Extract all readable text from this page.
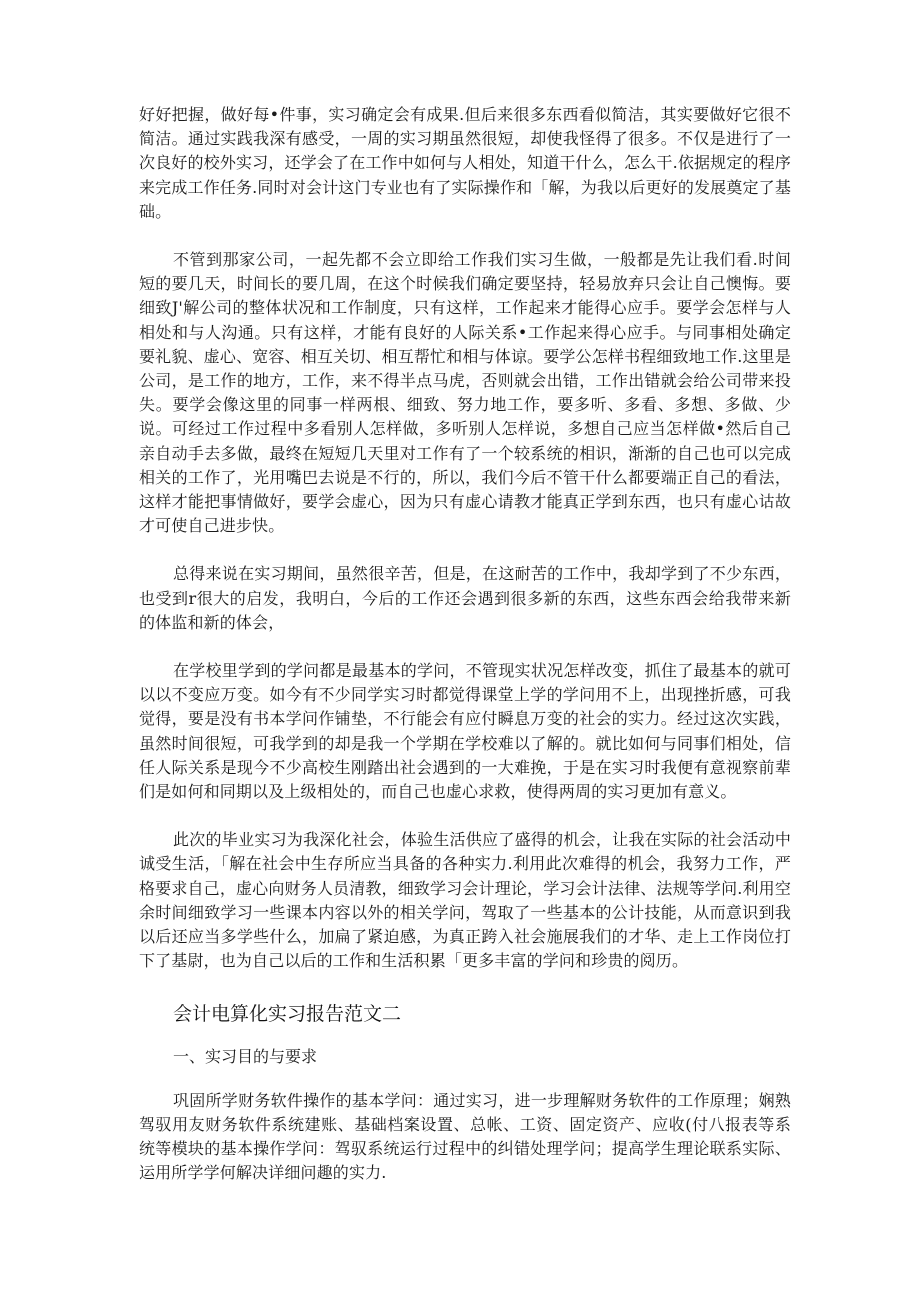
好好把握，做好每•件事，实习确定会有成果.但后来很多东西看似简洁，其实要做好它很不简洁。通过实践我深有感受，一周的实习期虽然很短，却使我怪得了很多。不仅是进行了一次良好的校外实习，还学会了在工作中如何与人相处，知道干什么，怎么干.依据规定的程序来完成工作任务.同时对会计这门专业也有了实际操作和「解，为我以后更好的发展奠定了基础。

不管到那家公司，一起先都不会立即给工作我们实习生做，一般都是先让我们看.时间短的要几天，时间长的要几周，在这个时候我们确定要坚持，轻易放弃只会让自己懊悔。要细致J'解公司的整体状况和工作制度，只有这样，工作起来才能得心应手。要学会怎样与人相处和与人沟通。只有这样，才能有良好的人际关系•工作起来得心应手。与同事相处确定要礼貌、虚心、宽容、相互关切、相互帮忙和相与体谅。要学公怎样书程细致地工作.这里是公司，是工作的地方，工作，来不得半点马虎，否则就会出错，工作出错就会给公司带来投失。要学会像这里的同事一样两根、细致、努力地工作，要多听、多看、多想、多做、少说。可经过工作过程中多看别人怎样做，多听别人怎样说，多想自己应当怎样做•然后自己亲自动手去多做，最终在短短几天里对工作有了一个较系统的相识，渐渐的自己也可以完成相关的工作了，光用嘴巴去说是不行的，所以，我们今后不管干什么都要端正自己的看法，这样才能把事情做好，要学会虚心，因为只有虚心请教才能真正学到东西，也只有虚心诂故才可使自己进步快。

总得来说在实习期间，虽然很辛苦，但是，在这耐苦的工作中，我却学到了不少东西，也受到r很大的启发，我明白，今后的工作还会遇到很多新的东西，这些东西会给我带来新的体监和新的体会，

在学校里学到的学问都是最基本的学问，不管现实状况怎样改变，抓住了最基本的就可以以不变应万变。如今有不少同学实习时都觉得课堂上学的学问用不上，出现挫折感，可我觉得，要是没有书本学问作铺垫，不行能会有应付瞬息万变的社会的实力。经过这次实践，虽然时间很短，可我学到的却是我一个学期在学校难以了解的。就比如何与同事们相处，信任人际关系是现今不少高校生刚踏出社会遇到的一大难挽，于是在实习时我便有意视察前辈们是如何和同期以及上级相处的，而自己也虚心求救，使得两周的实习更加有意义。

此次的毕业实习为我深化社会，体验生活供应了盛得的机会，让我在实际的社会活动中诚受生活，「解在社会中生存所应当具备的各种实力.利用此次难得的机会，我努力工作，严格要求自己，虚心向财务人员清教，细致学习会计理论，学习会计法律、法规等学问.利用空余时间细致学习一些课本内容以外的相关学问，驾取了一些基本的公计技能，从而意识到我以后还应当多学些什么，加扁了紧迫感，为真正跨入社会施展我们的才华、走上工作岗位打下了基尉，也为自己以后的工作和生活积累「更多丰富的学问和珍贵的阅历。

会计电算化实习报告范文二

一、实习目的与要求

巩固所学财务软件操作的基本学问：通过实习，进一步理解财务软件的工作原理；娴熟驾驭用友财务软件系统建账、基础档案设置、总帐、工资、固定资产、应收(付八报表等系统等模块的基本操作学问：驾驭系统运行过程中的纠错处理学问；提高学生理论联系实际、运用所学学何解决详细问趣的实力.
